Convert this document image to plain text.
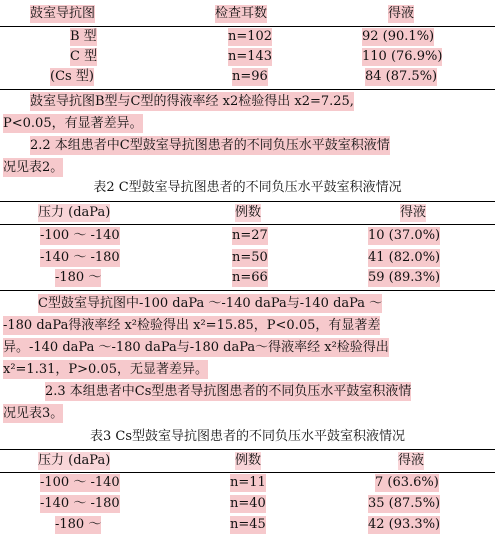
鼓室导抗图	检查耳数	得液
B 型	n=102	92 (90.1%)
C 型	n=143	110 (76.9%)
(Cs 型)	n=96	84 (87.5%)
鼓室导抗图B型与C型的得液率经 x2检验得出 x2=7.25,
P<0.05，有显著差异。
2.2 本组患者中C型鼓室导抗图患者的不同负压水平鼓室积液情
况见表2。
表2 C型鼓室导抗图患者的不同负压水平鼓室积液情况
压力 (daPa)	例数	得液
-100 ～ -140	n=27	10 (37.0%)
-140 ～ -180	n=50	41 (82.0%)
-180 ～	n=66	59 (89.3%)
C型鼓室导抗图中-100 daPa ～-140 daPa与-140 daPa ～
-180 daPa得液率经 x²检验得出 x²=15.85，P<0.05，有显著差
异。-140 daPa ～-180 daPa与-180 daPa～得液率经 x²检验得出
x²=1.31，P>0.05，无显著差异。
2.3 本组患者中Cs型患者导抗图患者的不同负压水平鼓室积液情
况见表3。
表3 Cs型鼓室导抗图患者的不同负压水平鼓室积液情况
压力 (daPa)	例数	得液
-100 ～ -140	n=11	7 (63.6%)
-140 ～ -180	n=40	35 (87.5%)
-180 ～	n=45	42 (93.3%)
